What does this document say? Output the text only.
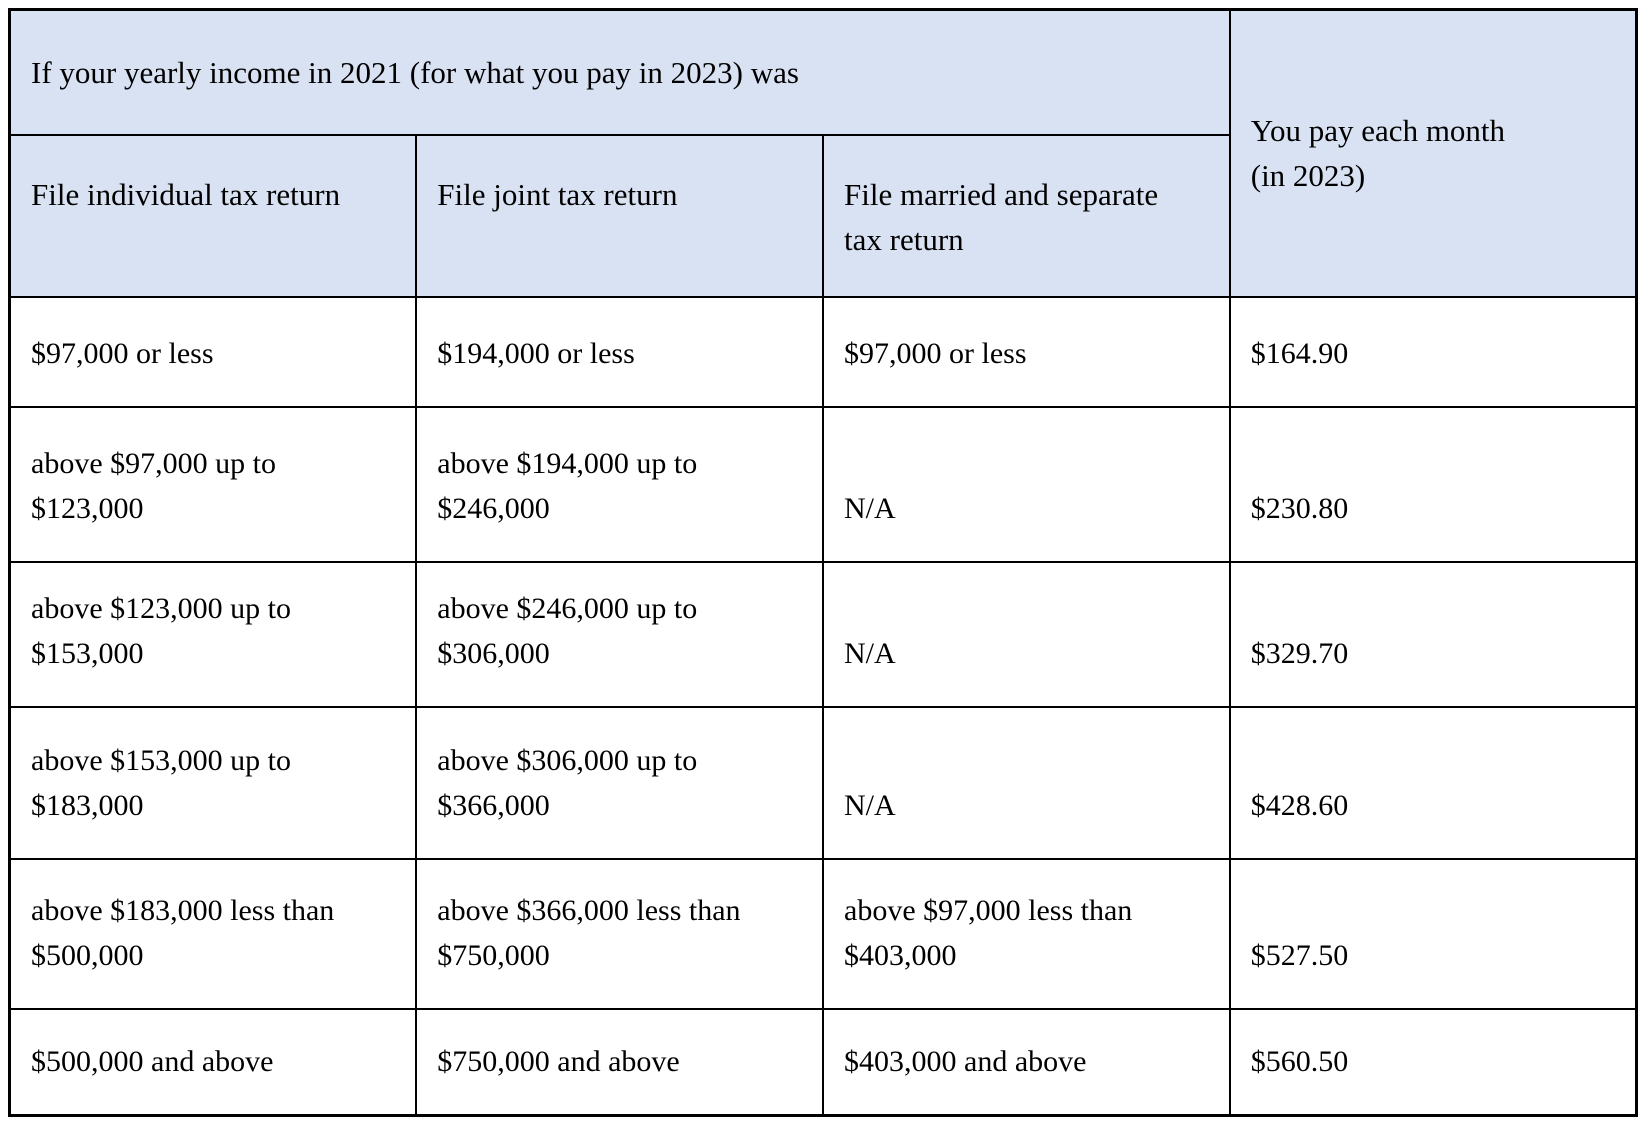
If your yearly income in 2021 (for what you pay in 2023) was			You pay each month (in 2023)
File individual tax return	File joint tax return	File married and separate tax return	
$97,000 or less	$194,000 or less	$97,000 or less	$164.90
above $97,000 up to $123,000	above $194,000 up to $246,000	N/A	$230.80
above $123,000 up to $153,000	above $246,000 up to $306,000	N/A	$329.70
above $153,000 up to $183,000	above $306,000 up to $366,000	N/A	$428.60
above $183,000 less than $500,000	above $366,000 less than $750,000	above $97,000 less than $403,000	$527.50
$500,000 and above	$750,000 and above	$403,000 and above	$560.50
